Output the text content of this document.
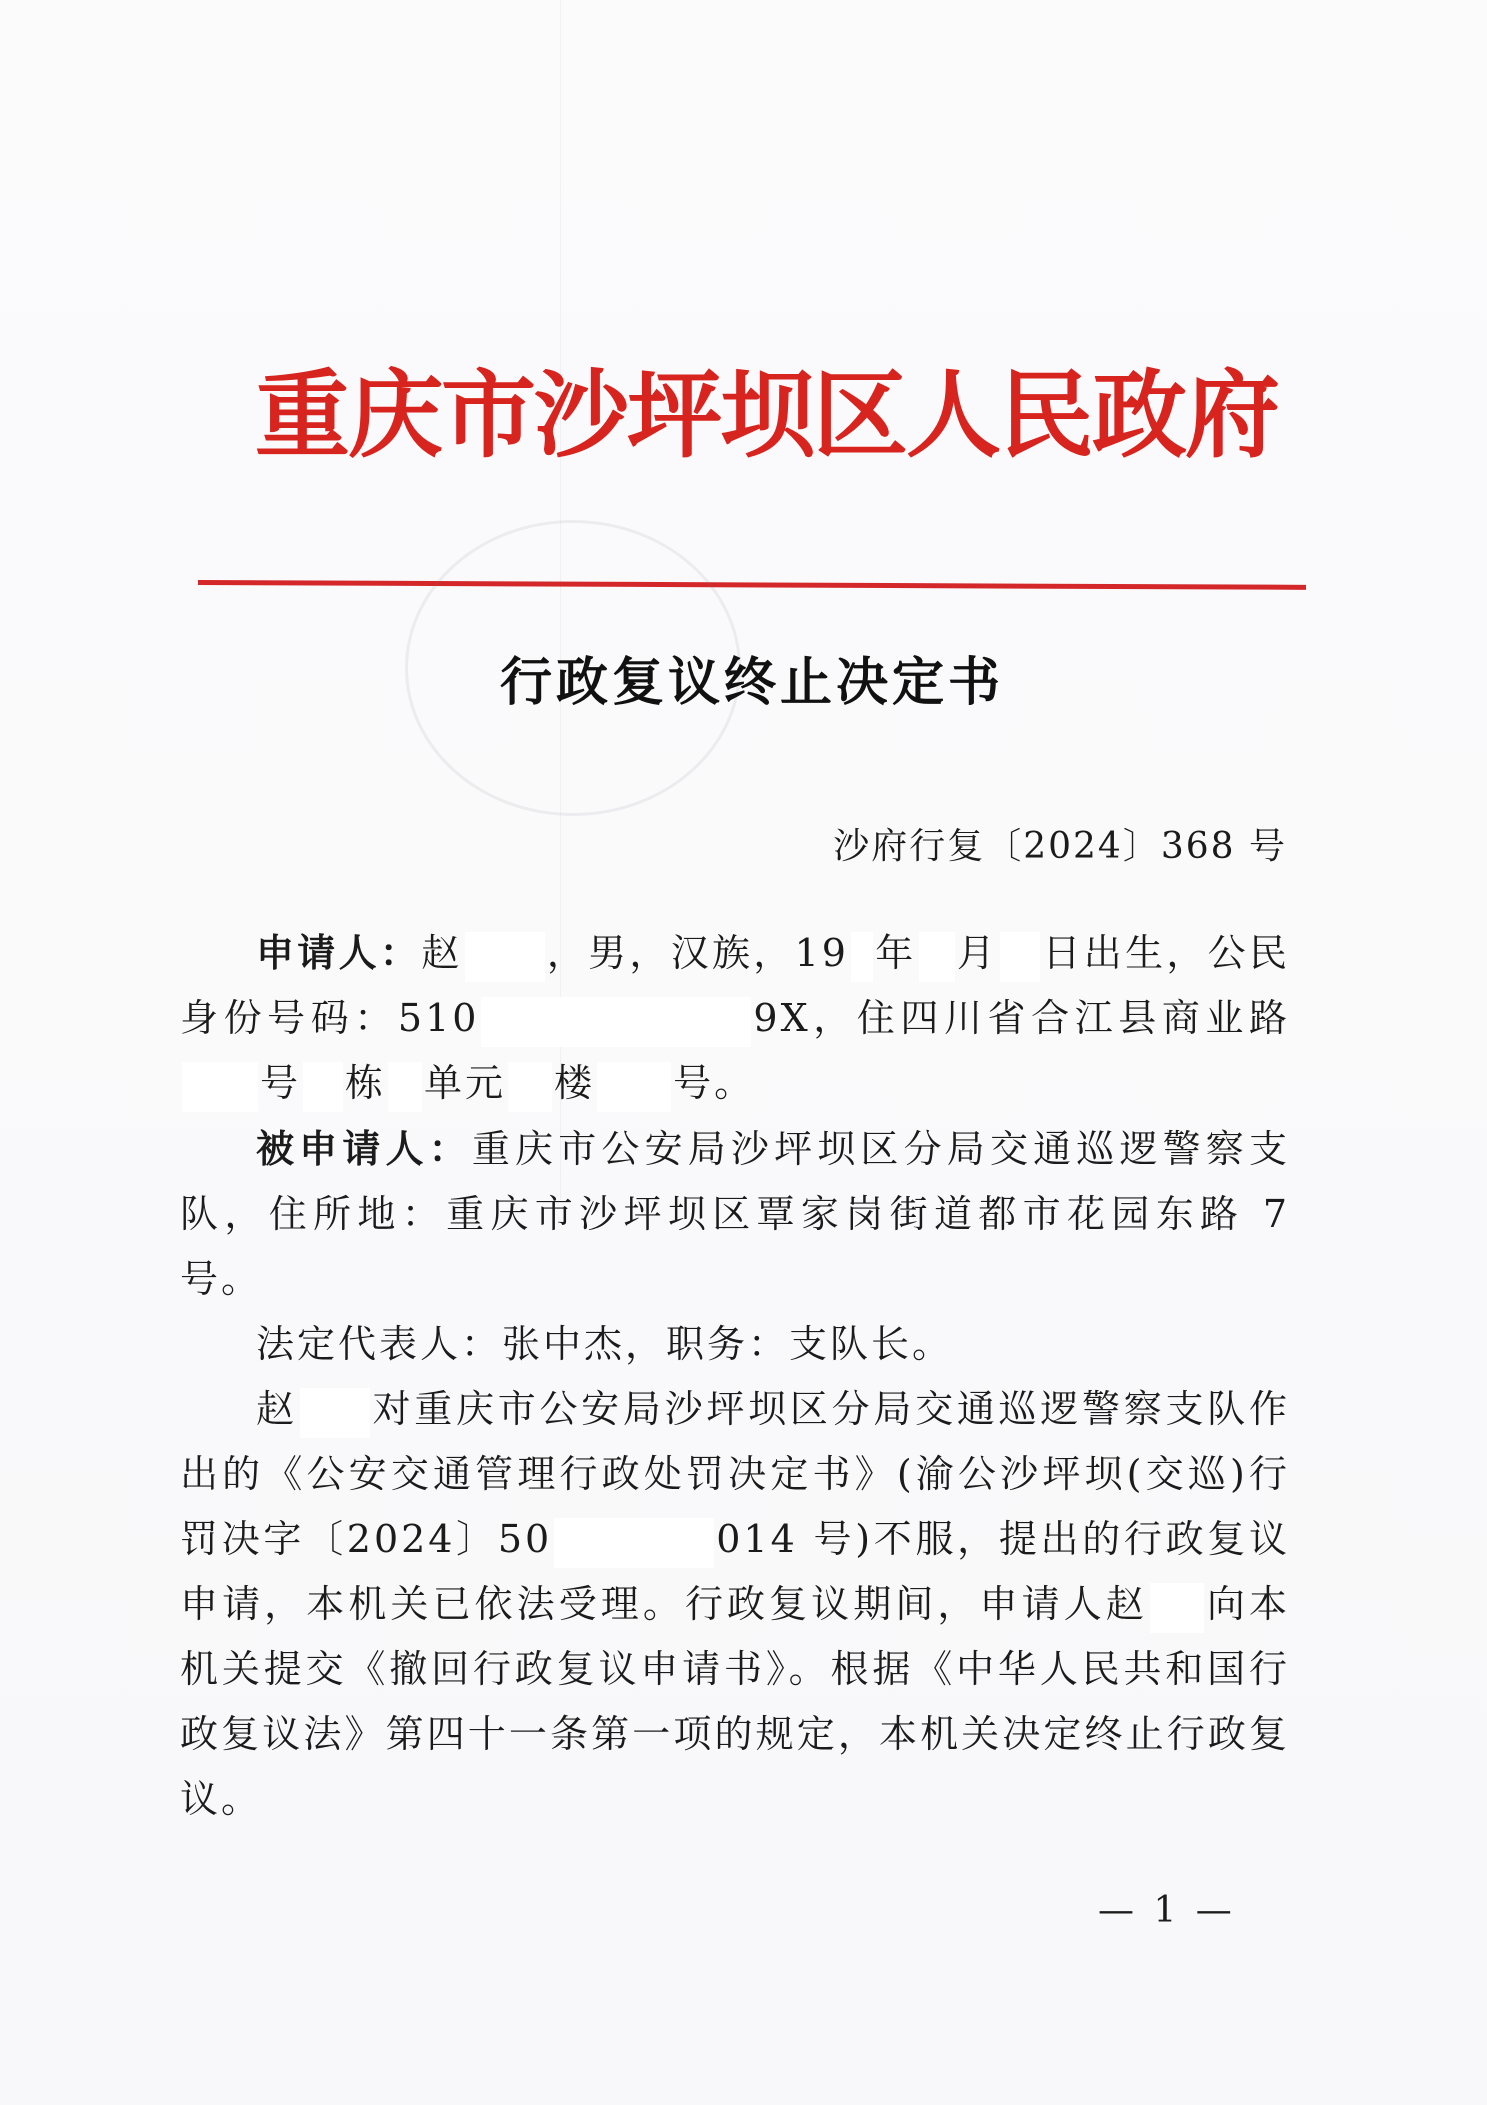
重庆市沙坪坝区人民政府
行政复议终止决定书
沙府行复〔2024〕368 号

申请人：赵 ，男，汉族，19 年 月 日出生，公民身份号码：510	9X，住四川省合江县商业路号 栋 单元 楼 号。

被申请人：重庆市公安局沙坪坝区分局交通巡逻警察支队，住所地：重庆市沙坪坝区覃家岗街道都市花园东路 7 号。

法定代表人：张中杰，职务：支队长。

赵 对重庆市公安局沙坪坝区分局交通巡逻警察支队作出的《公安交通管理行政处罚决定书》(渝公沙坪坝(交巡)行罚决字〔2024〕50	014 号)不服，提出的行政复议申请，本机关已依法受理。行政复议期间，申请人赵 向本机关提交《撤回行政复议申请书》。根据《中华人民共和国行政复议法》第四十一条第一项的规定，本机关决定终止行政复议。

— 1 —
